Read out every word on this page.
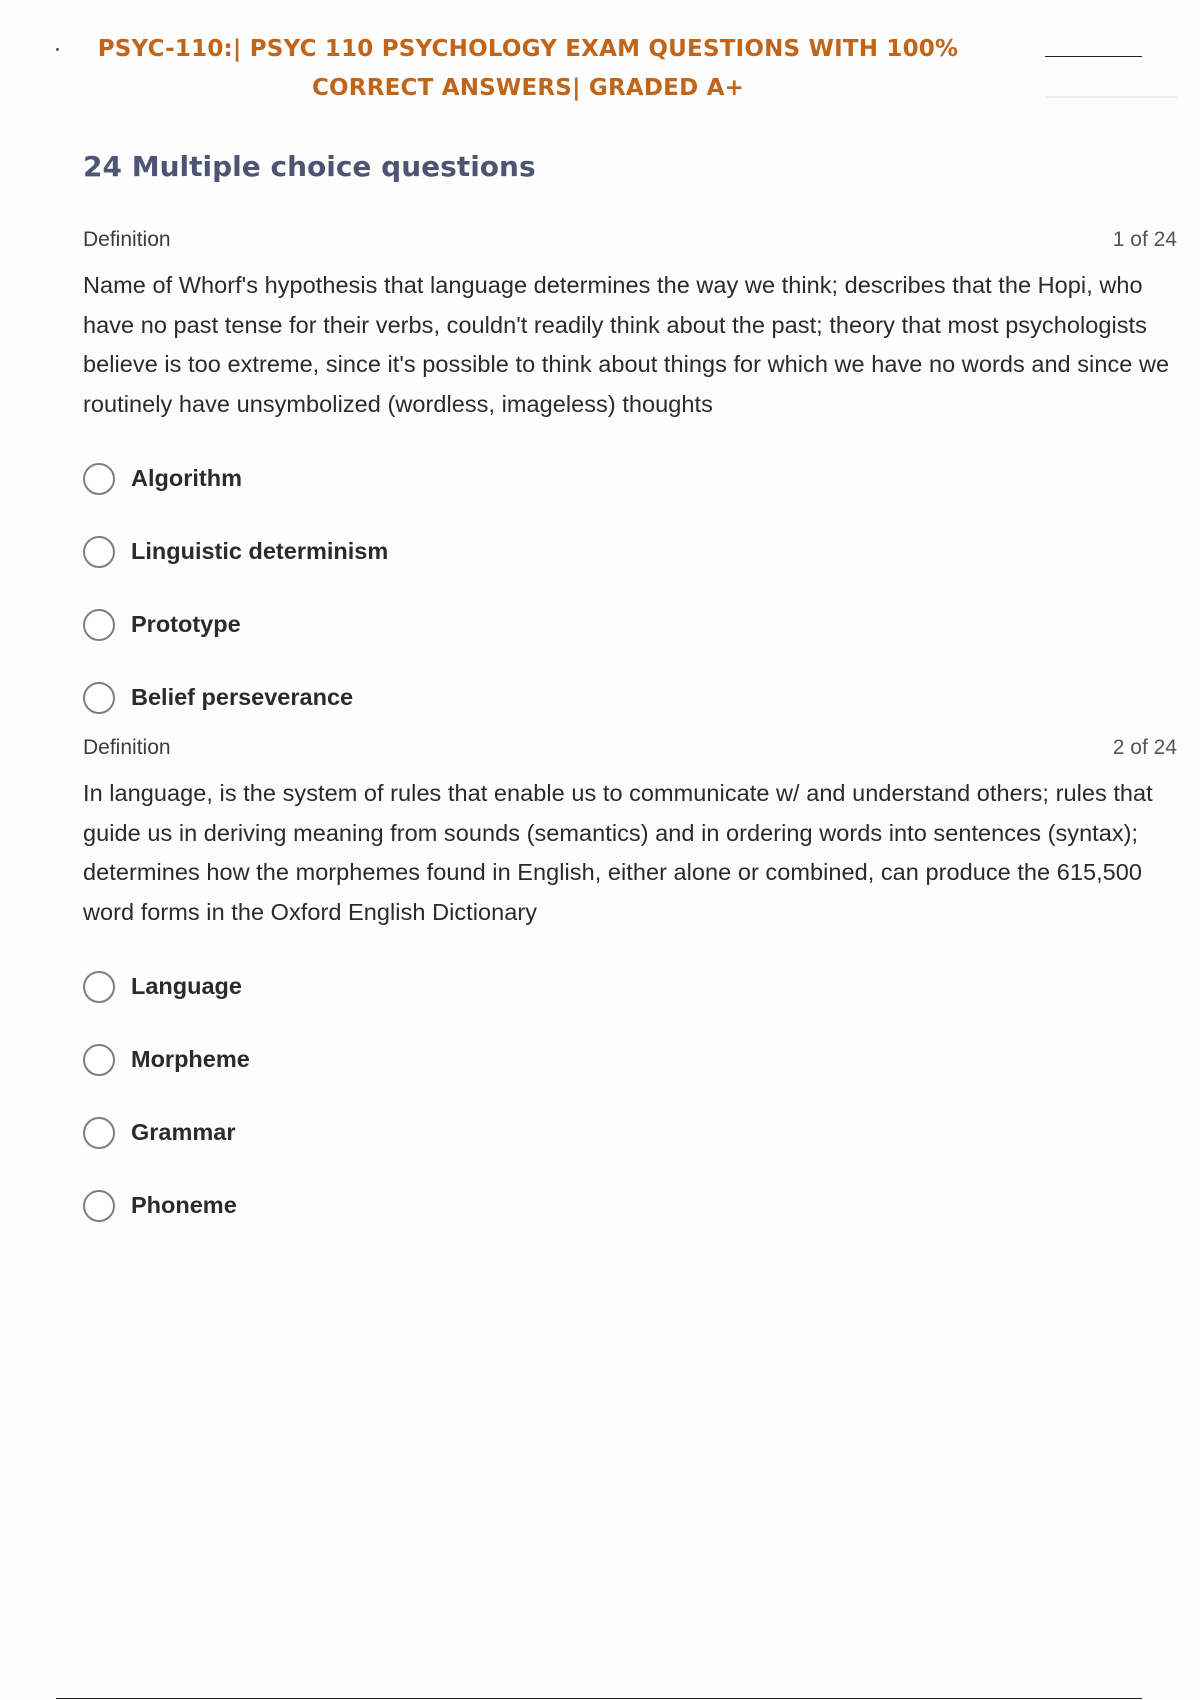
PSYC-110:| PSYC 110 PSYCHOLOGY EXAM QUESTIONS WITH 100%
CORRECT ANSWERS| GRADED A+
24 Multiple choice questions
Definition	1 of 24
Name of Whorf's hypothesis that language determines the way we think; describes that the Hopi, who have no past tense for their verbs, couldn't readily think about the past; theory that most psychologists believe is too extreme, since it's possible to think about things for which we have no words and since we routinely have unsymbolized (wordless, imageless) thoughts
Algorithm
Linguistic determinism
Prototype
Belief perseverance
Definition	2 of 24
In language, is the system of rules that enable us to communicate w/ and understand others; rules that guide us in deriving meaning from sounds (semantics) and in ordering words into sentences (syntax); determines how the morphemes found in English, either alone or combined, can produce the 615,500 word forms in the Oxford English Dictionary
Language
Morpheme
Grammar
Phoneme
